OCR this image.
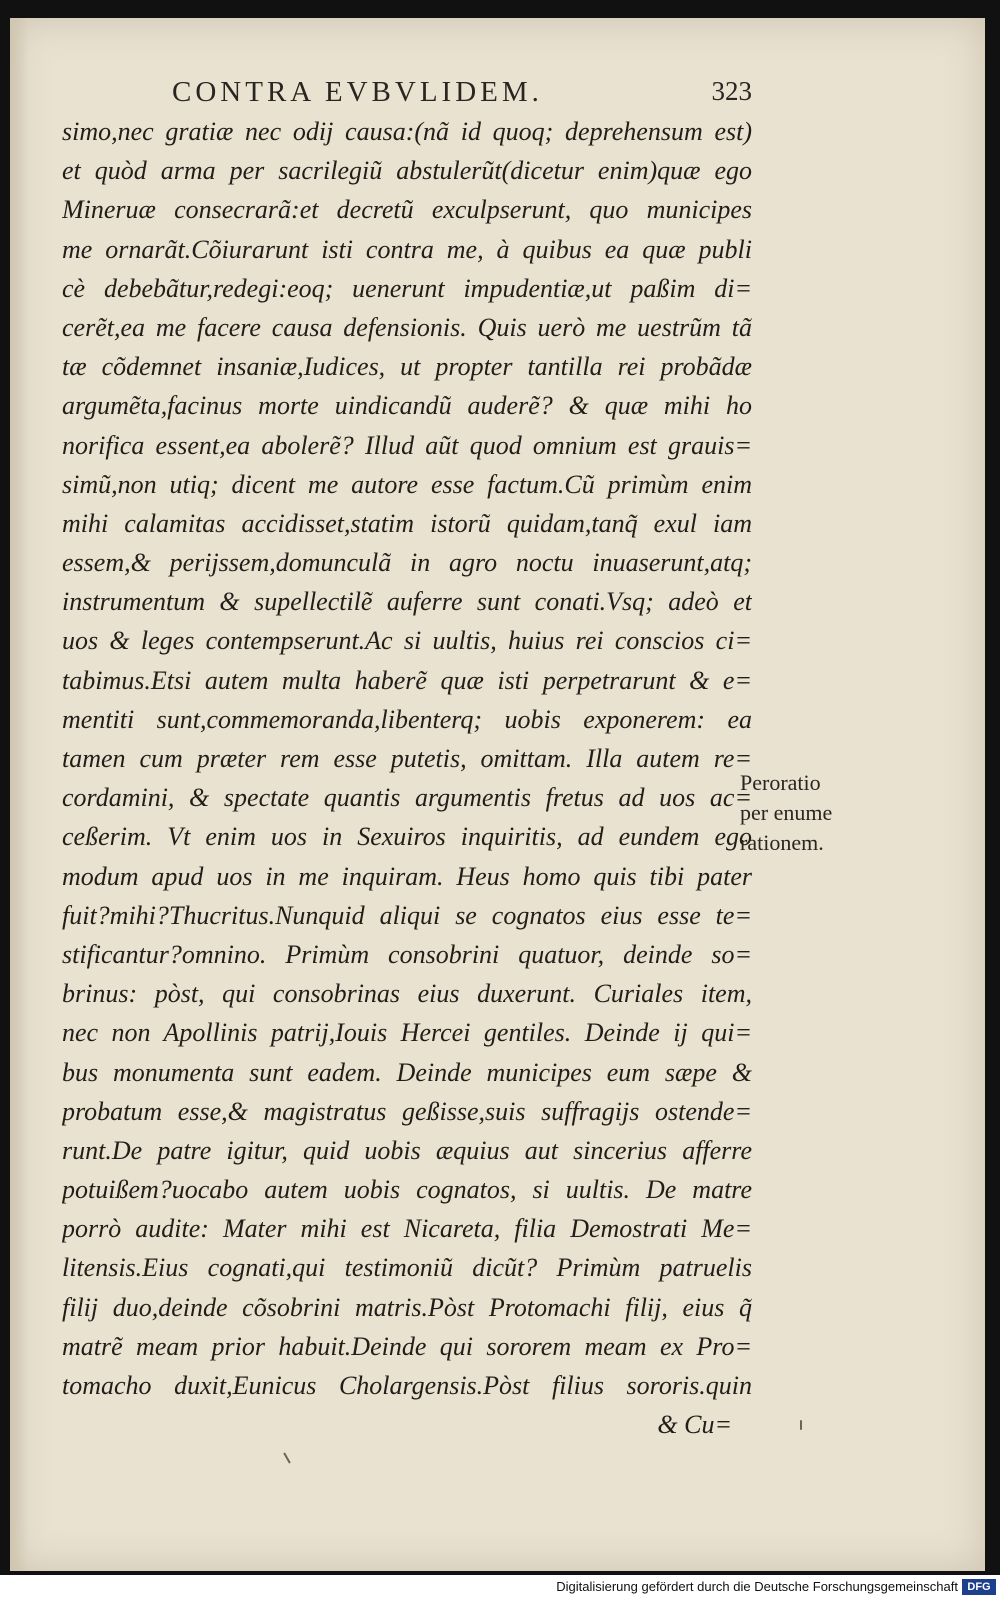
CONTRA EVBVLIDEM.	323
simo,nec gratiæ nec odij causa:(nã id quoq; deprehensum est)
et quòd arma per sacrilegiũ abstulerũt(dicetur enim)quæ ego
Mineruæ consecrarã:et decretũ exculpserunt, quo municipes
me ornarãt.Cõiurarunt isti contra me, à quibus ea quæ publi
cè debebãtur,redegi:eoq; uenerunt impudentiæ,ut paßim di=
cerẽt,ea me facere causa defensionis. Quis uerò me uestrũm tã
tæ cõdemnet insaniæ,Iudices, ut propter tantilla rei probãdæ
argumẽta,facinus morte uindicandũ auderẽ? & quæ mihi ho
norifica essent,ea abolerẽ? Illud aũt quod omnium est grauis=
simũ,non utiq; dicent me autore esse factum.Cũ primùm enim
mihi calamitas accidisset,statim istorũ quidam,tanq̃ exul iam
essem,& perijssem,domunculã in agro noctu inuaserunt,atq;
instrumentum & supellectilẽ auferre sunt conati.Vsq; adeò et
uos & leges contempserunt.Ac si uultis, huius rei conscios ci=
tabimus.Etsi autem multa haberẽ quæ isti perpetrarunt & e=
mentiti sunt,commemoranda,libenterq; uobis exponerem: ea
tamen cum præter rem esse putetis, omittam. Illa autem re=
cordamini, & spectate quantis argumentis fretus ad uos ac=
ceßerim. Vt enim uos in Sexuiros inquiritis, ad eundem ego
modum apud uos in me inquiram. Heus homo quis tibi pater
fuit?mihi?Thucritus.Nunquid aliqui se cognatos eius esse te=
stificantur?omnino. Primùm consobrini quatuor, deinde so=
brinus: pòst, qui consobrinas eius duxerunt. Curiales item,
nec non Apollinis patrij,Iouis Hercei gentiles. Deinde ij qui=
bus monumenta sunt eadem. Deinde municipes eum sæpe &
probatum esse,& magistratus geßisse,suis suffragijs ostende=
runt.De patre igitur, quid uobis æquius aut sincerius afferre
potuißem?uocabo autem uobis cognatos, si uultis. De matre
porrò audite: Mater mihi est Nicareta, filia Demostrati Me=
litensis.Eius cognati,qui testimoniũ dicũt? Primùm patruelis
filij duo,deinde cõsobrini matris.Pòst Protomachi filij, eius q̃
matrẽ meam prior habuit.Deinde qui sororem meam ex Pro=
tomacho duxit,Eunicus Cholargensis.Pòst filius sororis.quin
& Cu=
Peroratio
per enume
rationem.
Digitalisierung gefördert durch die Deutsche Forschungsgemeinschaft DFG
